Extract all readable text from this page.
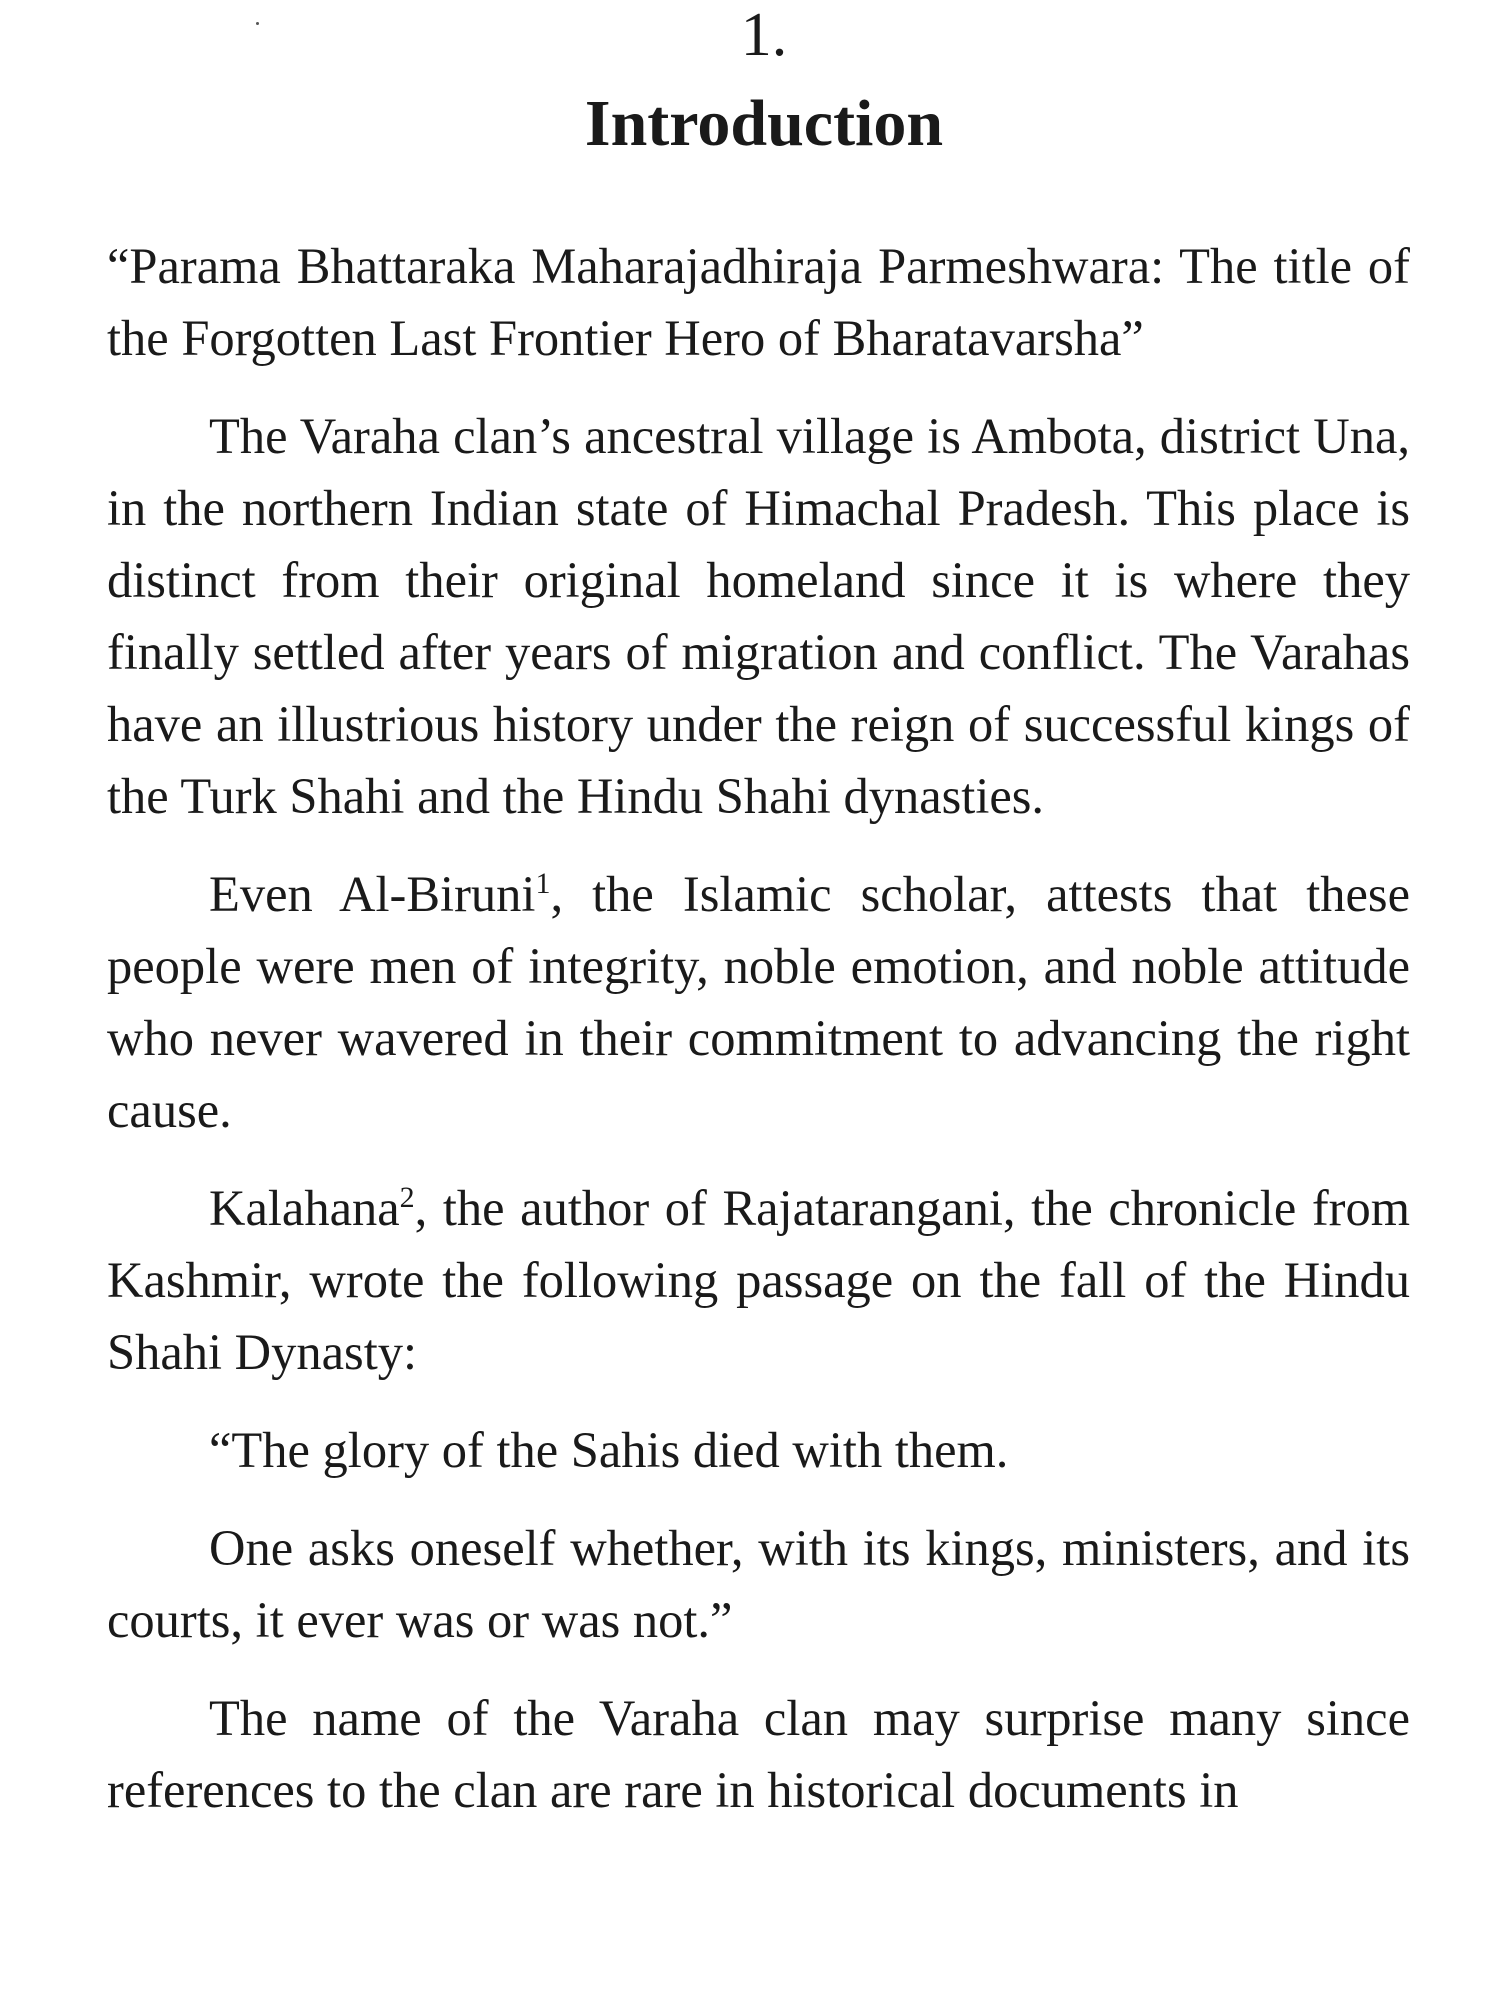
1.
Introduction

“Parama Bhattaraka Maharajadhiraja Parmeshwara: The title of the Forgotten Last Frontier Hero of Bharatavarsha”

The Varaha clan’s ancestral village is Ambota, district Una, in the northern Indian state of Himachal Pradesh. This place is distinct from their original homeland since it is where they finally settled after years of migration and conflict. The Varahas have an illustrious history under the reign of successful kings of the Turk Shahi and the Hindu Shahi dynasties.

Even Al-Biruni$^1$, the Islamic scholar, attests that these people were men of integrity, noble emotion, and noble attitude who never wavered in their commitment to advancing the right cause.

Kalahana$^2$, the author of Rajatarangani, the chronicle from Kashmir, wrote the following passage on the fall of the Hindu Shahi Dynasty:

“The glory of the Sahis died with them.

One asks oneself whether, with its kings, ministers, and its courts, it ever was or was not.”

The name of the Varaha clan may surprise many since references to the clan are rare in historical documents in
